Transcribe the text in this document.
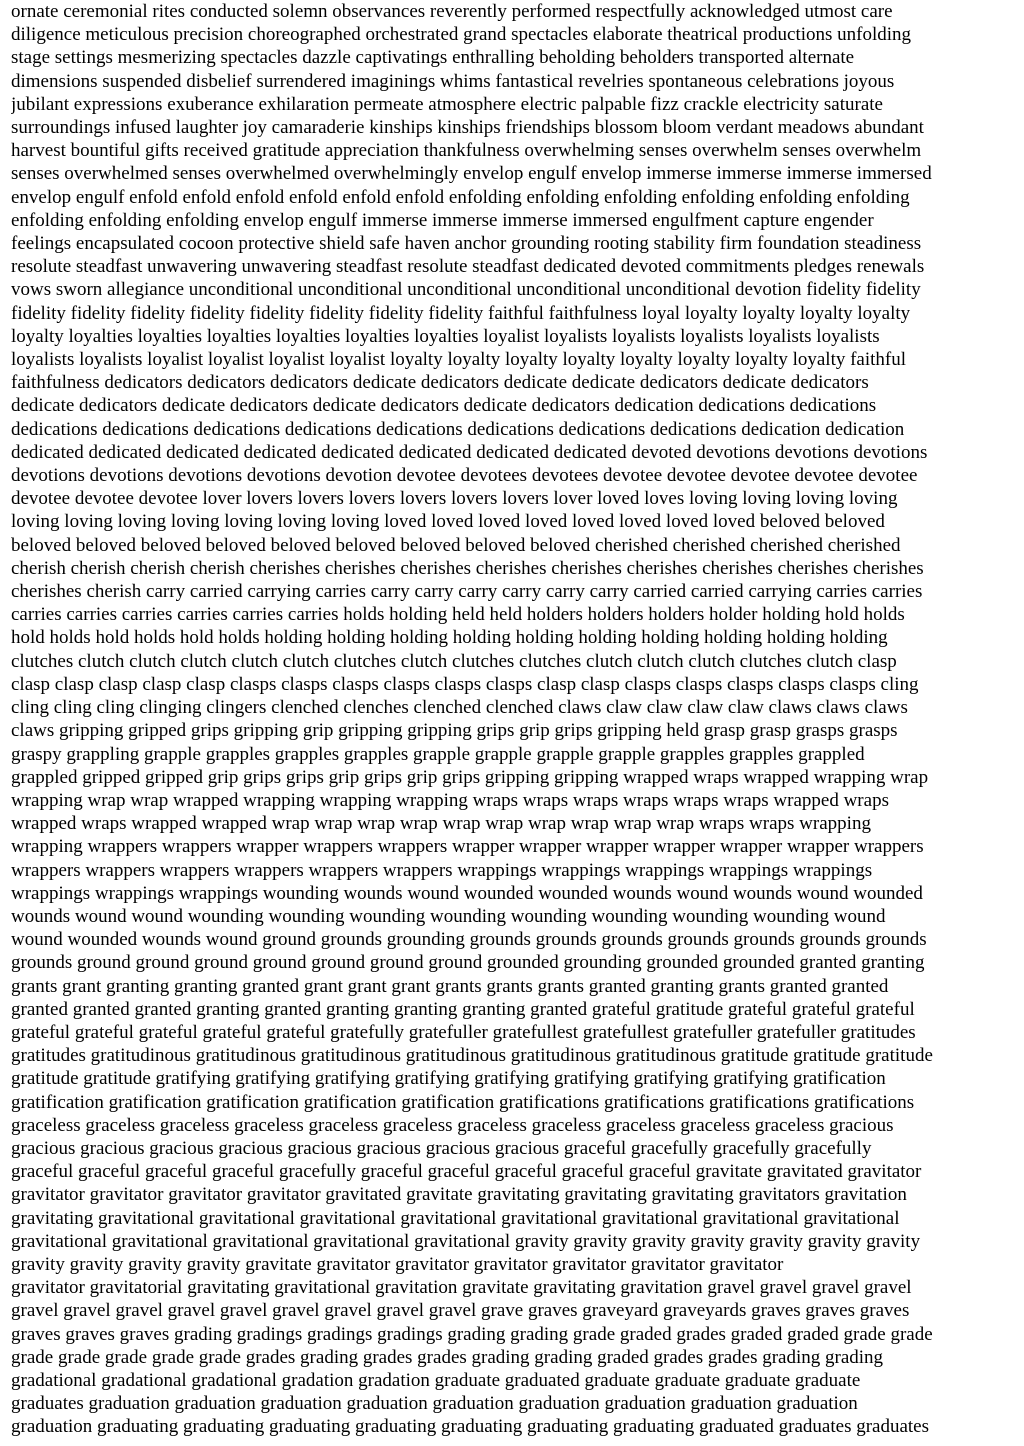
ornate ceremonial rites conducted solemn observances reverently performed respectfully acknowledged utmost care
diligence meticulous precision choreographed orchestrated grand spectacles elaborate theatrical productions unfolding
stage settings mesmerizing spectacles dazzle captivatings enthralling beholding beholders transported alternate
dimensions suspended disbelief surrendered imaginings whims fantastical revelries spontaneous celebrations joyous
jubilant expressions exuberance exhilaration permeate atmosphere electric palpable fizz crackle electricity saturate
surroundings infused laughter joy camaraderie kinships kinships friendships blossom bloom verdant meadows abundant
harvest bountiful gifts received gratitude appreciation thankfulness overwhelming senses overwhelm senses overwhelm
senses overwhelmed senses overwhelmed overwhelmingly envelop engulf envelop immerse immerse immerse immersed
envelop engulf enfold enfold enfold enfold enfold enfold enfolding enfolding enfolding enfolding enfolding enfolding
enfolding enfolding enfolding envelop engulf immerse immerse immerse immersed engulfment capture engender
feelings encapsulated cocoon protective shield safe haven anchor grounding rooting stability firm foundation steadiness
resolute steadfast unwavering unwavering steadfast resolute steadfast dedicated devoted commitments pledges renewals
vows sworn allegiance unconditional unconditional unconditional unconditional unconditional devotion fidelity fidelity
fidelity fidelity fidelity fidelity fidelity fidelity fidelity fidelity faithful faithfulness loyal loyalty loyalty loyalty loyalty
loyalty loyalties loyalties loyalties loyalties loyalties loyalties loyalist loyalists loyalists loyalists loyalists loyalists
loyalists loyalists loyalist loyalist loyalist loyalist loyalty loyalty loyalty loyalty loyalty loyalty loyalty loyalty faithful
faithfulness dedicators dedicators dedicators dedicate dedicators dedicate dedicate dedicators dedicate dedicators
dedicate dedicators dedicate dedicators dedicate dedicators dedicate dedicators dedication dedications dedications
dedications dedications dedications dedications dedications dedications dedications dedications dedication dedication
dedicated dedicated dedicated dedicated dedicated dedicated dedicated dedicated devoted devotions devotions devotions
devotions devotions devotions devotions devotion devotee devotees devotees devotee devotee devotee devotee devotee
devotee devotee devotee lover lovers lovers lovers lovers lovers lovers lover loved loves loving loving loving loving
loving loving loving loving loving loving loving loved loved loved loved loved loved loved loved beloved beloved
beloved beloved beloved beloved beloved beloved beloved beloved beloved cherished cherished cherished cherished
cherish cherish cherish cherish cherishes cherishes cherishes cherishes cherishes cherishes cherishes cherishes cherishes
cherishes cherish carry carried carrying carries carry carry carry carry carry carry carried carried carrying carries carries
carries carries carries carries carries carries holds holding held held holders holders holders holder holding hold holds
hold holds hold holds hold holds holding holding holding holding holding holding holding holding holding holding
clutches clutch clutch clutch clutch clutch clutches clutch clutches clutches clutch clutch clutch clutches clutch clasp
clasp clasp clasp clasp clasp clasps clasps clasps clasps clasps clasps clasp clasp clasps clasps clasps clasps clasps cling
cling cling cling clinging clingers clenched clenches clenched clenched claws claw claw claw claw claws claws claws
claws gripping gripped grips gripping grip gripping gripping grips grip grips gripping held grasp grasp grasps grasps
graspy grappling grapple grapples grapples grapples grapple grapple grapple grapple grapples grapples grappled
grappled gripped gripped grip grips grips grip grips grip grips gripping gripping wrapped wraps wrapped wrapping wrap
wrapping wrap wrap wrapped wrapping wrapping wrapping wraps wraps wraps wraps wraps wraps wrapped wraps
wrapped wraps wrapped wrapped wrap wrap wrap wrap wrap wrap wrap wrap wrap wrap wraps wraps wrapping
wrapping wrappers wrappers wrapper wrappers wrappers wrapper wrapper wrapper wrapper wrapper wrapper wrappers
wrappers wrappers wrappers wrappers wrappers wrappers wrappings wrappings wrappings wrappings wrappings
wrappings wrappings wrappings wounding wounds wound wounded wounded wounds wound wounds wound wounded
wounds wound wound wounding wounding wounding wounding wounding wounding wounding wounding wound
wound wounded wounds wound ground grounds grounding grounds grounds grounds grounds grounds grounds grounds
grounds ground ground ground ground ground ground ground grounded grounding grounded grounded granted granting
grants grant granting granting granted grant grant grant grants grants grants granted granting grants granted granted
granted granted granted granting granted granting granting granting granted grateful gratitude grateful grateful grateful
grateful grateful grateful grateful grateful gratefully gratefuller gratefullest gratefullest gratefuller gratefuller gratitudes
gratitudes gratitudinous gratitudinous gratitudinous gratitudinous gratitudinous gratitudinous gratitude gratitude gratitude
gratitude gratitude gratifying gratifying gratifying gratifying gratifying gratifying gratifying gratifying gratification
gratification gratification gratification gratification gratification gratifications gratifications gratifications gratifications
graceless graceless graceless graceless graceless graceless graceless graceless graceless graceless graceless gracious
gracious gracious gracious gracious gracious gracious gracious gracious graceful gracefully gracefully gracefully
graceful graceful graceful graceful gracefully graceful graceful graceful graceful graceful gravitate gravitated gravitator
gravitator gravitator gravitator gravitator gravitated gravitate gravitating gravitating gravitating gravitators gravitation
gravitating gravitational gravitational gravitational gravitational gravitational gravitational gravitational gravitational
gravitational gravitational gravitational gravitational gravitational gravity gravity gravity gravity gravity gravity gravity
gravity gravity gravity gravity gravitate gravitator gravitator gravitator gravitator gravitator gravitator
gravitator gravitatorial gravitating gravitational gravitation gravitate gravitating gravitation gravel gravel gravel gravel
gravel gravel gravel gravel gravel gravel gravel gravel gravel grave graves graveyard graveyards graves graves graves
graves graves graves grading gradings gradings gradings grading grading grade graded grades graded graded grade grade
grade grade grade grade grade grades grading grades grades grading grading graded grades grades grading grading
gradational gradational gradational gradation gradation graduate graduated graduate graduate graduate graduate
graduates graduation graduation graduation graduation graduation graduation graduation graduation graduation
graduation graduating graduating graduating graduating graduating graduating graduating graduated graduates graduates
